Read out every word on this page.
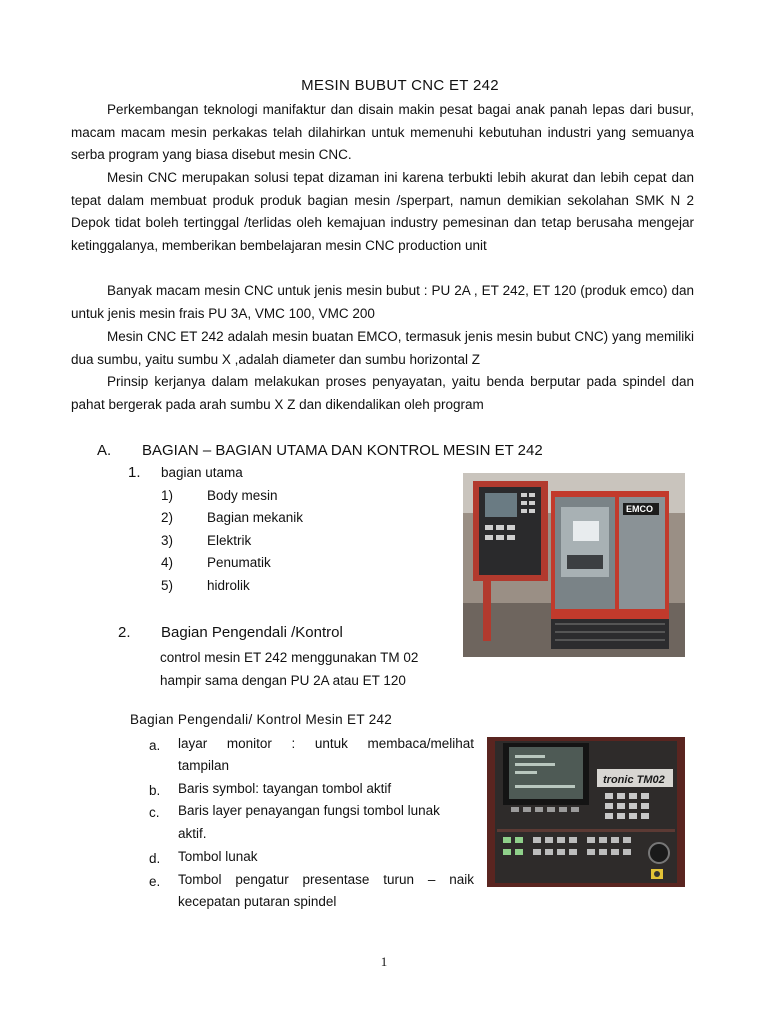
MESIN BUBUT CNC ET 242

Perkembangan teknologi manifaktur dan disain makin pesat bagai anak panah lepas dari busur, macam macam mesin perkakas telah dilahirkan untuk memenuhi kebutuhan industri yang semuanya serba program yang biasa disebut mesin CNC.

Mesin CNC merupakan solusi tepat dizaman ini karena terbukti lebih akurat dan lebih cepat dan tepat dalam membuat produk produk bagian mesin /sperpart, namun demikian sekolahan SMK N 2 Depok tidat boleh tertinggal /terlidas oleh kemajuan industry pemesinan dan tetap berusaha mengejar ketinggalanya, memberikan bembelajaran mesin CNC production unit

Banyak macam mesin CNC untuk jenis mesin bubut : PU 2A , ET 242, ET 120 (produk emco) dan untuk jenis mesin frais PU 3A, VMC 100, VMC 200

Mesin CNC ET 242 adalah mesin buatan EMCO, termasuk jenis mesin bubut CNC) yang memiliki dua sumbu, yaitu sumbu X ,adalah diameter dan sumbu horizontal Z

Prinsip kerjanya dalam melakukan proses penyayatan, yaitu benda berputar pada spindel dan pahat bergerak pada arah sumbu X Z dan dikendalikan oleh program

A. BAGIAN – BAGIAN UTAMA DAN KONTROL MESIN ET 242
1. bagian utama
1)	Body mesin
2)	Bagian mekanik
3)	Elektrik
4)	Penumatik
5)	hidrolik
2. Bagian Pengendali /Kontrol
control mesin ET 242 menggunakan TM 02
hampir sama dengan PU 2A atau ET 120
Bagian Pengendali/ Kontrol Mesin ET 242
a. layar monitor : untuk membaca/melihat
tampilan
b. Baris symbol: tayangan tombol aktif
c. Baris layer penayangan fungsi tombol lunak
aktif.
d. Tombol lunak
e. Tombol pengatur presentase turun – naik
kecepatan putaran spindel
EMCO
tronic TM02
1
